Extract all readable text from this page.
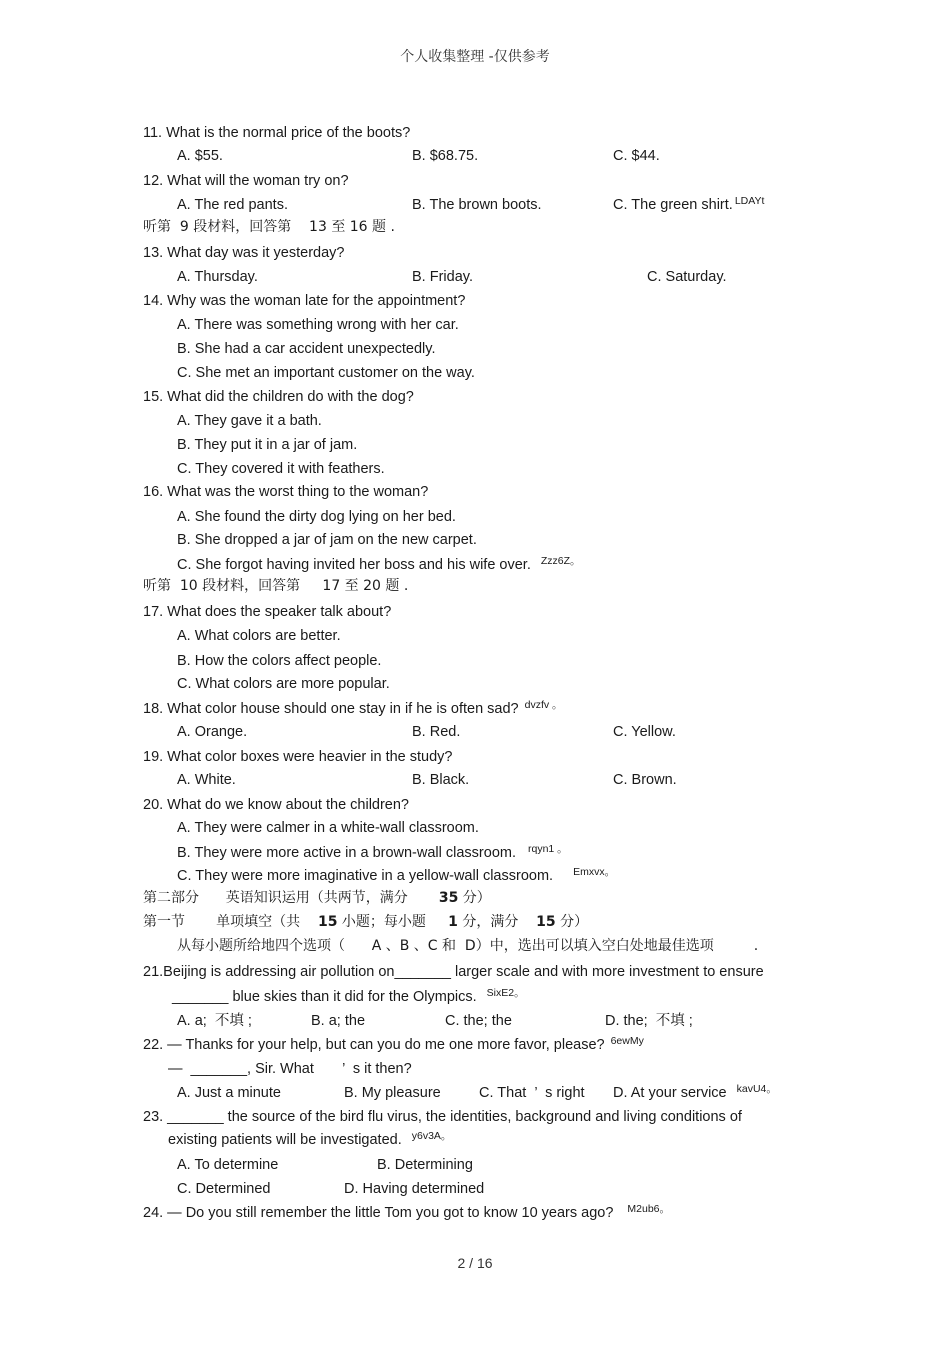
个人收集整理 -仅供参考
11. What is the normal price of the boots?
A. $55.	B. $68.75.	C. $44.
12. What will the woman try on?
A. The red pants.	B. The brown boots.	C. The green shirt. $^{LDAYt}$
听第  9 段材料，回答第    13 至 16 题 .
13. What day was it yesterday?
A. Thursday.	B. Friday.	C. Saturday.
14. Why was the woman late for the appointment?
A. There was something wrong with her car.
B. She had a car accident unexpectedly.
C. She met an important customer on the way.
15. What did the children do with the dog?
A. They gave it a bath.
B. They put it in a jar of jam.
C. They covered it with feathers.
16. What was the worst thing to the woman?
A. She found the dirty dog lying on her bed.
B. She dropped a jar of jam on the new carpet.
C. She forgot having invited her boss and his wife over. $^{Zzz6Z。}$
听第  10 段材料，回答第     17 至 20 题 .
17. What does the speaker talk about?
A. What colors are better.
B. How the colors affect people.
C. What colors are more popular.
18. What color house should one stay in if he is often sad? $^{dvzfv 。}$
A. Orange.	B. Red.	C. Yellow.
19. What color boxes were heavier in the study?
A. White.	B. Black.	C. Brown.
20. What do we know about the children?
A. They were calmer in a white-wall classroom.
B. They were more active in a brown-wall classroom. $^{rqyn1 。}$
C. They were more imaginative in a yellow-wall classroom. $^{Emxvx。}$
第二部分      英语知识运用（共两节，满分       35 分）
第一节       单项填空（共    15 小题；每小题     1 分，满分    15 分）
从每小题所给地四个选项（      A 、B 、C 和  D）中，选出可以填入空白处地最佳选项         .
21.Beijing is addressing air pollution on_______ larger scale and with more investment to ensure
_______ blue skies than it did for the Olympics. $^{SixE2。}$
A. a;  不填 ;	B. a; the	C. the; the	D. the;  不填 ;
22. — Thanks for your help, but can you do me one more favor, please? $^{6ewMy}$
—  _______, Sir. What       ’  s it then?
A. Just a minute	B. My pleasure	C. That  ’  s right D. At your service $^{kavU4。}$
23. _______ the source of the bird flu virus, the identities, background and living conditions of
existing patients will be investigated. $^{y6v3A。}$
A. To determine	B. Determining
C. Determined	D. Having determined
24. — Do you still remember the little Tom you got to know 10 years ago? $^{M2ub6。}$
2 / 16
